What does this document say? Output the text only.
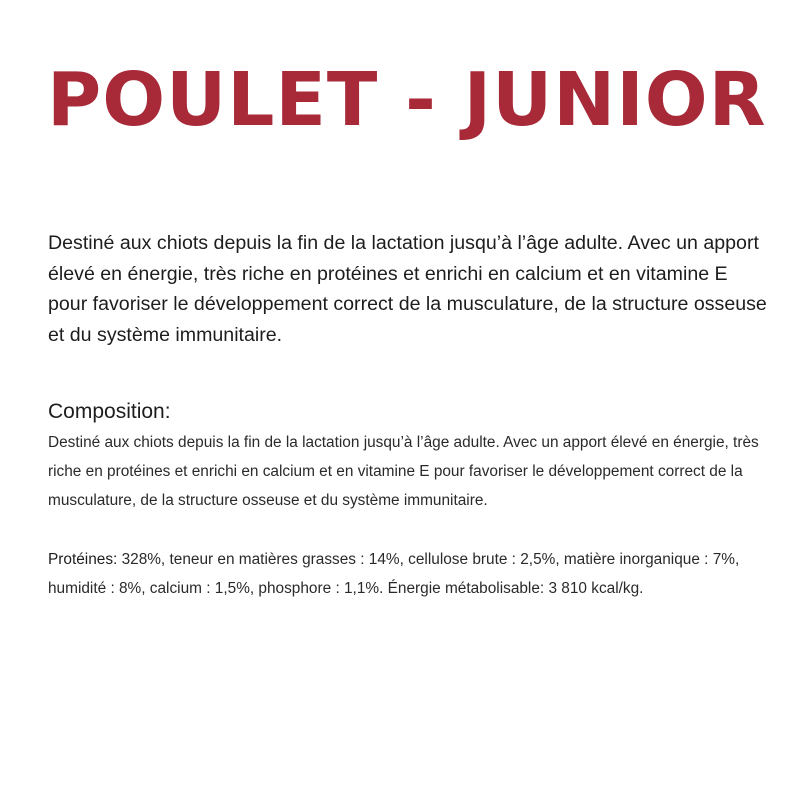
POULET - JUNIOR

Destiné aux chiots depuis la fin de la lactation jusqu’à l’âge adulte. Avec un apport élevé en énergie, très riche en protéines et enrichi en calcium et en vitamine E pour favoriser le développement correct de la musculature, de la structure osseuse et du système immunitaire.

Composition:

Destiné aux chiots depuis la fin de la lactation jusqu’à l’âge adulte. Avec un apport élevé en énergie, très riche en protéines et enrichi en calcium et en vitamine E pour favoriser le développement correct de la musculature, de la structure osseuse et du système immunitaire.

Protéines: 328%, teneur en matières grasses : 14%, cellulose brute : 2,5%, matière inorganique : 7%, humidité : 8%, calcium : 1,5%, phosphore : 1,1%. Énergie métabolisable: 3 810 kcal/kg.
